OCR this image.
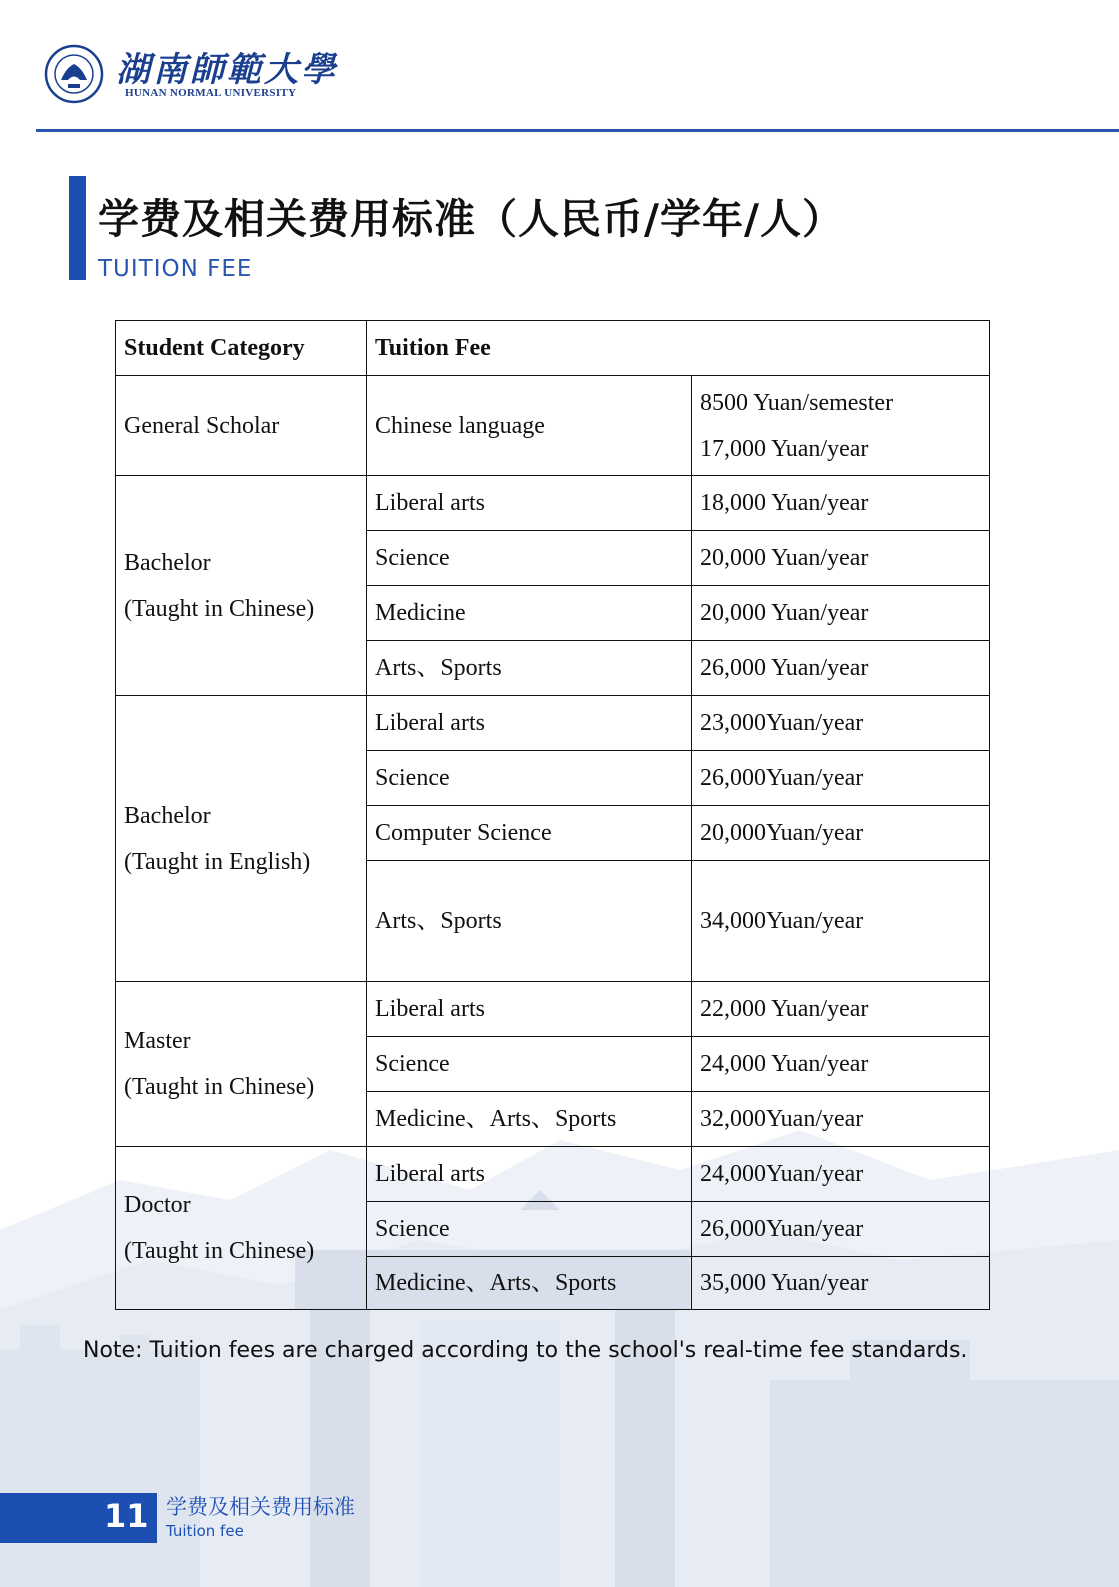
湖南師範大學
HUNAN NORMAL UNIVERSITY
学费及相关费用标准（人民币/学年/人）
TUITION FEE
Student Category	Tuition Fee
General Scholar	Chinese language
8500 Yuan/semester
17,000 Yuan/year
Bachelor
(Taught in Chinese)
Liberal arts	18,000 Yuan/year
Science	20,000 Yuan/year
Medicine	20,000 Yuan/year
Arts、Sports	26,000 Yuan/year
Bachelor
(Taught in English)
Liberal arts	23,000Yuan/year
Science	26,000Yuan/year
Computer Science	20,000Yuan/year
Arts、Sports	34,000Yuan/year
Master
(Taught in Chinese)
Liberal arts	22,000 Yuan/year
Science	24,000 Yuan/year
Medicine、Arts、Sports	32,000Yuan/year
Doctor
(Taught in Chinese)
Liberal arts	24,000Yuan/year
Science	26,000Yuan/year
Medicine、Arts、Sports	35,000 Yuan/year
Note: Tuition fees are charged according to the school's real-time fee standards.
11 学费及相关费用标准
Tuition fee
